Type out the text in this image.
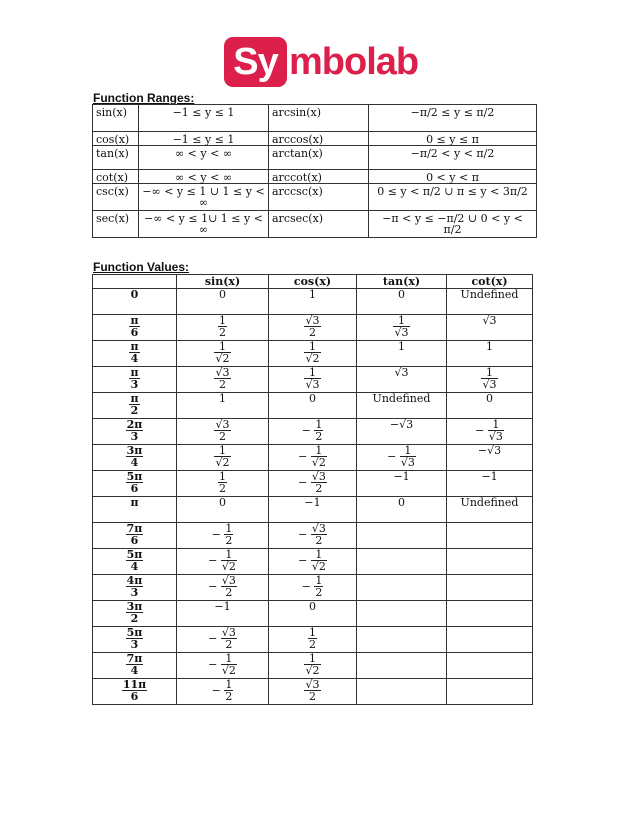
Sy mbolab
Function Ranges:
sin(x)	−1 ≤ y ≤ 1	arcsin(x)	−π/2 ≤ y ≤ π/2
cos(x)	−1 ≤ y ≤ 1	arccos(x)	0 ≤ y ≤ π
tan(x)	∞ < y < ∞	arctan(x)	−π/2 < y < π/2
cot(x)	∞ < y < ∞	arccot(x)	0 < y < π
csc(x)	−∞ < y ≤ 1 ∪ 1 ≤ y < ∞	arccsc(x)	0 ≤ y < π/2 ∪ π ≤ y < 3π/2
sec(x)	−∞ < y ≤ 1∪ 1 ≤ y < ∞	arcsec(x)	−π < y ≤ −π/2 ∪ 0 < y < π/2
Function Values:
	sin(x)	cos(x)	tan(x)	cot(x)
0	0	1	0	Undefined

$\frac{\pi}{6}$	$\frac{1}{2}$	$\frac{√3}{2}$	$\frac{1}{√3}$	√3

$\frac{\pi}{4}$	$\frac{1}{√2}$	$\frac{1}{√2}$	1	1

$\frac{\pi}{3}$	$\frac{√3}{2}$	$\frac{1}{√3}$	√3	$\frac{1}{√3}$

$\frac{\pi}{2}$	1	0	Undefined	0

$\frac{2\pi}{3}$	$\frac{√3}{2}$	− $\frac{1}{2}$	−√3	− $\frac{1}{√3}$

$\frac{3\pi}{4}$	$\frac{1}{√2}$	− $\frac{1}{√2}$	− $\frac{1}{√3}$	−√3

$\frac{5\pi}{6}$	$\frac{1}{2}$	− $\frac{√3}{2}$	−1	−1
π	0	−1	0	Undefined

$\frac{7\pi}{6}$	− $\frac{1}{2}$	− $\frac{√3}{2}$

$\frac{5\pi}{4}$	− $\frac{1}{√2}$	− $\frac{1}{√2}$

$\frac{4\pi}{3}$	− $\frac{√3}{2}$	− $\frac{1}{2}$

$\frac{3\pi}{2}$	−1	0		

$\frac{5\pi}{3}$	− $\frac{√3}{2}$	$\frac{1}{2}$

$\frac{7\pi}{4}$	− $\frac{1}{√2}$	$\frac{1}{√2}$

$\frac{11\pi}{6}$	− $\frac{1}{2}$	$\frac{√3}{2}$
